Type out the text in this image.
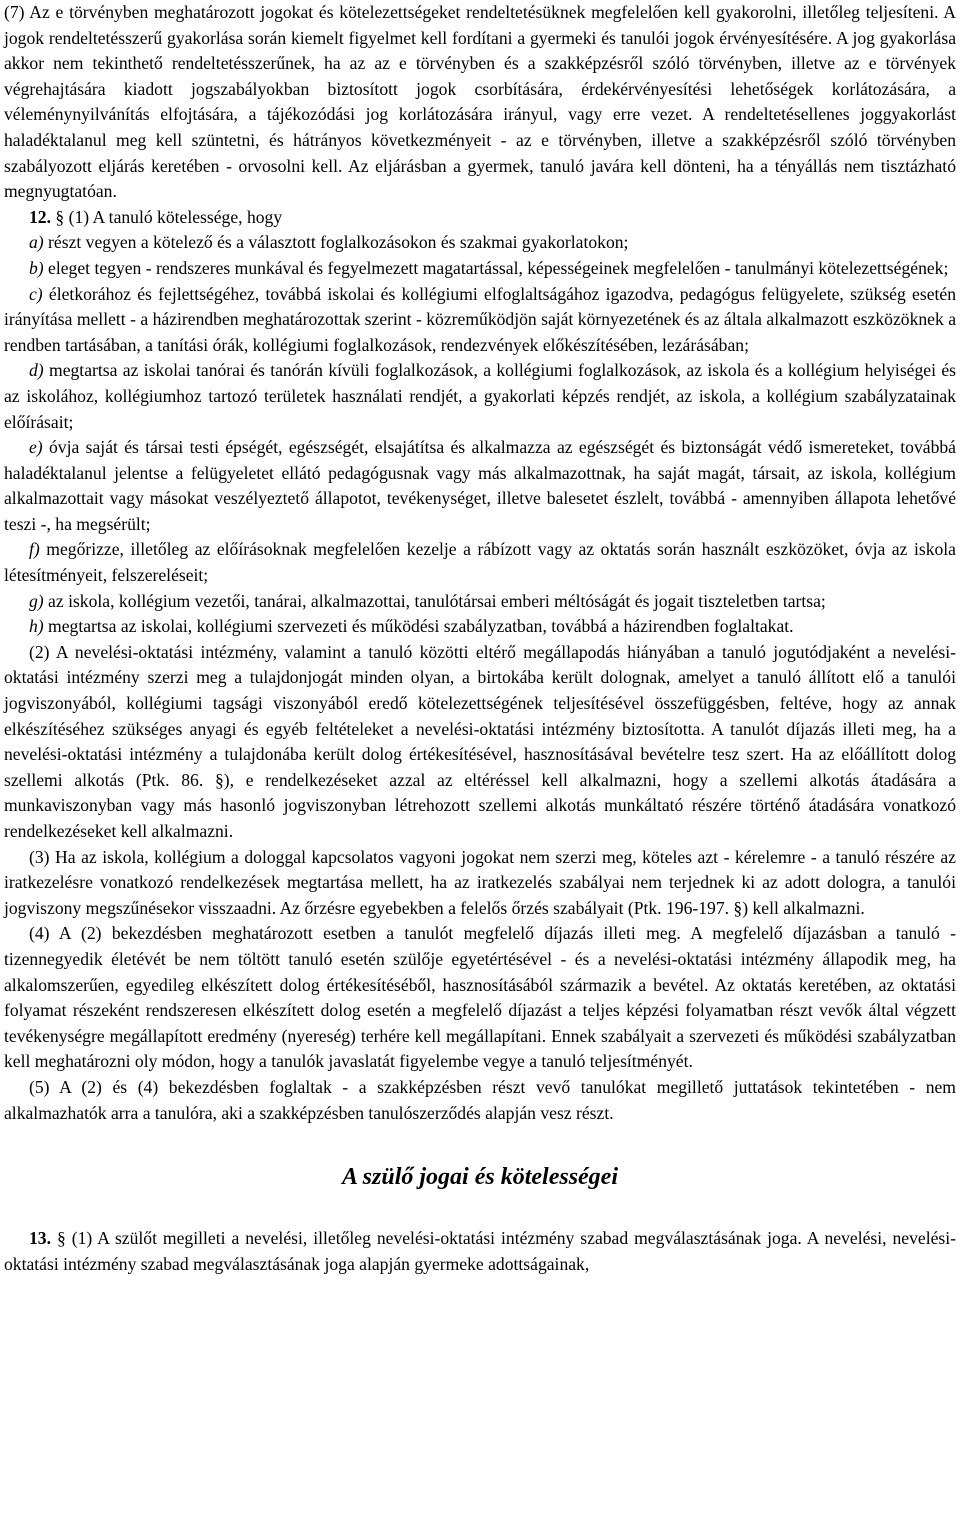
(7) Az e törvényben meghatározott jogokat és kötelezettségeket rendeltetésüknek megfelelően kell gyakorolni, illetőleg teljesíteni. A jogok rendeltetésszerű gyakorlása során kiemelt figyelmet kell fordítani a gyermeki és tanulói jogok érvényesítésére. A jog gyakorlása akkor nem tekinthető rendeltetésszerűnek, ha az az e törvényben és a szakképzésről szóló törvényben, illetve az e törvények végrehajtására kiadott jogszabályokban biztosított jogok csorbítására, érdekérvényesítési lehetőségek korlátozására, a véleménynyilvánítás elfojtására, a tájékozódási jog korlátozására irányul, vagy erre vezet. A rendeltetésellenes joggyakorlást haladéktalanul meg kell szüntetni, és hátrányos következményeit - az e törvényben, illetve a szakképzésről szóló törvényben szabályozott eljárás keretében - orvosolni kell. Az eljárásban a gyermek, tanuló javára kell dönteni, ha a tényállás nem tisztázható megnyugtatóan.

12. § (1) A tanuló kötelessége, hogy

a) részt vegyen a kötelező és a választott foglalkozásokon és szakmai gyakorlatokon;

b) eleget tegyen - rendszeres munkával és fegyelmezett magatartással, képességeinek megfelelően - tanulmányi kötelezettségének;

c) életkorához és fejlettségéhez, továbbá iskolai és kollégiumi elfoglaltságához igazodva, pedagógus felügyelete, szükség esetén irányítása mellett - a házirendben meghatározottak szerint - közreműködjön saját környezetének és az általa alkalmazott eszközöknek a rendben tartásában, a tanítási órák, kollégiumi foglalkozások, rendezvények előkészítésében, lezárásában;

d) megtartsa az iskolai tanórai és tanórán kívüli foglalkozások, a kollégiumi foglalkozások, az iskola és a kollégium helyiségei és az iskolához, kollégiumhoz tartozó területek használati rendjét, a gyakorlati képzés rendjét, az iskola, a kollégium szabályzatainak előírásait;

e) óvja saját és társai testi épségét, egészségét, elsajátítsa és alkalmazza az egészségét és biztonságát védő ismereteket, továbbá haladéktalanul jelentse a felügyeletet ellátó pedagógusnak vagy más alkalmazottnak, ha saját magát, társait, az iskola, kollégium alkalmazottait vagy másokat veszélyeztető állapotot, tevékenységet, illetve balesetet észlelt, továbbá - amennyiben állapota lehetővé teszi -, ha megsérült;

f) megőrizze, illetőleg az előírásoknak megfelelően kezelje a rábízott vagy az oktatás során használt eszközöket, óvja az iskola létesítményeit, felszereléseit;

g) az iskola, kollégium vezetői, tanárai, alkalmazottai, tanulótársai emberi méltóságát és jogait tiszteletben tartsa;

h) megtartsa az iskolai, kollégiumi szervezeti és működési szabályzatban, továbbá a házirendben foglaltakat.

(2) A nevelési-oktatási intézmény, valamint a tanuló közötti eltérő megállapodás hiányában a tanuló jogutódjaként a nevelési-oktatási intézmény szerzi meg a tulajdonjogát minden olyan, a birtokába került dolognak, amelyet a tanuló állított elő a tanulói jogviszonyából, kollégiumi tagsági viszonyából eredő kötelezettségének teljesítésével összefüggésben, feltéve, hogy az annak elkészítéséhez szükséges anyagi és egyéb feltételeket a nevelési-oktatási intézmény biztosította. A tanulót díjazás illeti meg, ha a nevelési-oktatási intézmény a tulajdonába került dolog értékesítésével, hasznosításával bevételre tesz szert. Ha az előállított dolog szellemi alkotás (Ptk. 86. §), e rendelkezéseket azzal az eltéréssel kell alkalmazni, hogy a szellemi alkotás átadására a munkaviszonyban vagy más hasonló jogviszonyban létrehozott szellemi alkotás munkáltató részére történő átadására vonatkozó rendelkezéseket kell alkalmazni.

(3) Ha az iskola, kollégium a dologgal kapcsolatos vagyoni jogokat nem szerzi meg, köteles azt - kérelemre - a tanuló részére az iratkezelésre vonatkozó rendelkezések megtartása mellett, ha az iratkezelés szabályai nem terjednek ki az adott dologra, a tanulói jogviszony megszűnésekor visszaadni. Az őrzésre egyebekben a felelős őrzés szabályait (Ptk. 196-197. §) kell alkalmazni.

(4) A (2) bekezdésben meghatározott esetben a tanulót megfelelő díjazás illeti meg. A megfelelő díjazásban a tanuló - tizennegyedik életévét be nem töltött tanuló esetén szülője egyetértésével - és a nevelési-oktatási intézmény állapodik meg, ha alkalomszerűen, egyedileg elkészített dolog értékesítéséből, hasznosításából származik a bevétel. Az oktatás keretében, az oktatási folyamat részeként rendszeresen elkészített dolog esetén a megfelelő díjazást a teljes képzési folyamatban részt vevők által végzett tevékenységre megállapított eredmény (nyereség) terhére kell megállapítani. Ennek szabályait a szervezeti és működési szabályzatban kell meghatározni oly módon, hogy a tanulók javaslatát figyelembe vegye a tanuló teljesítményét.

(5) A (2) és (4) bekezdésben foglaltak - a szakképzésben részt vevő tanulókat megillető juttatások tekintetében - nem alkalmazhatók arra a tanulóra, aki a szakképzésben tanulószerződés alapján vesz részt.

A szülő jogai és kötelességei

13. § (1) A szülőt megilleti a nevelési, illetőleg nevelési-oktatási intézmény szabad megválasztásának joga. A nevelési, nevelési-oktatási intézmény szabad megválasztásának joga alapján gyermeke adottságainak,
